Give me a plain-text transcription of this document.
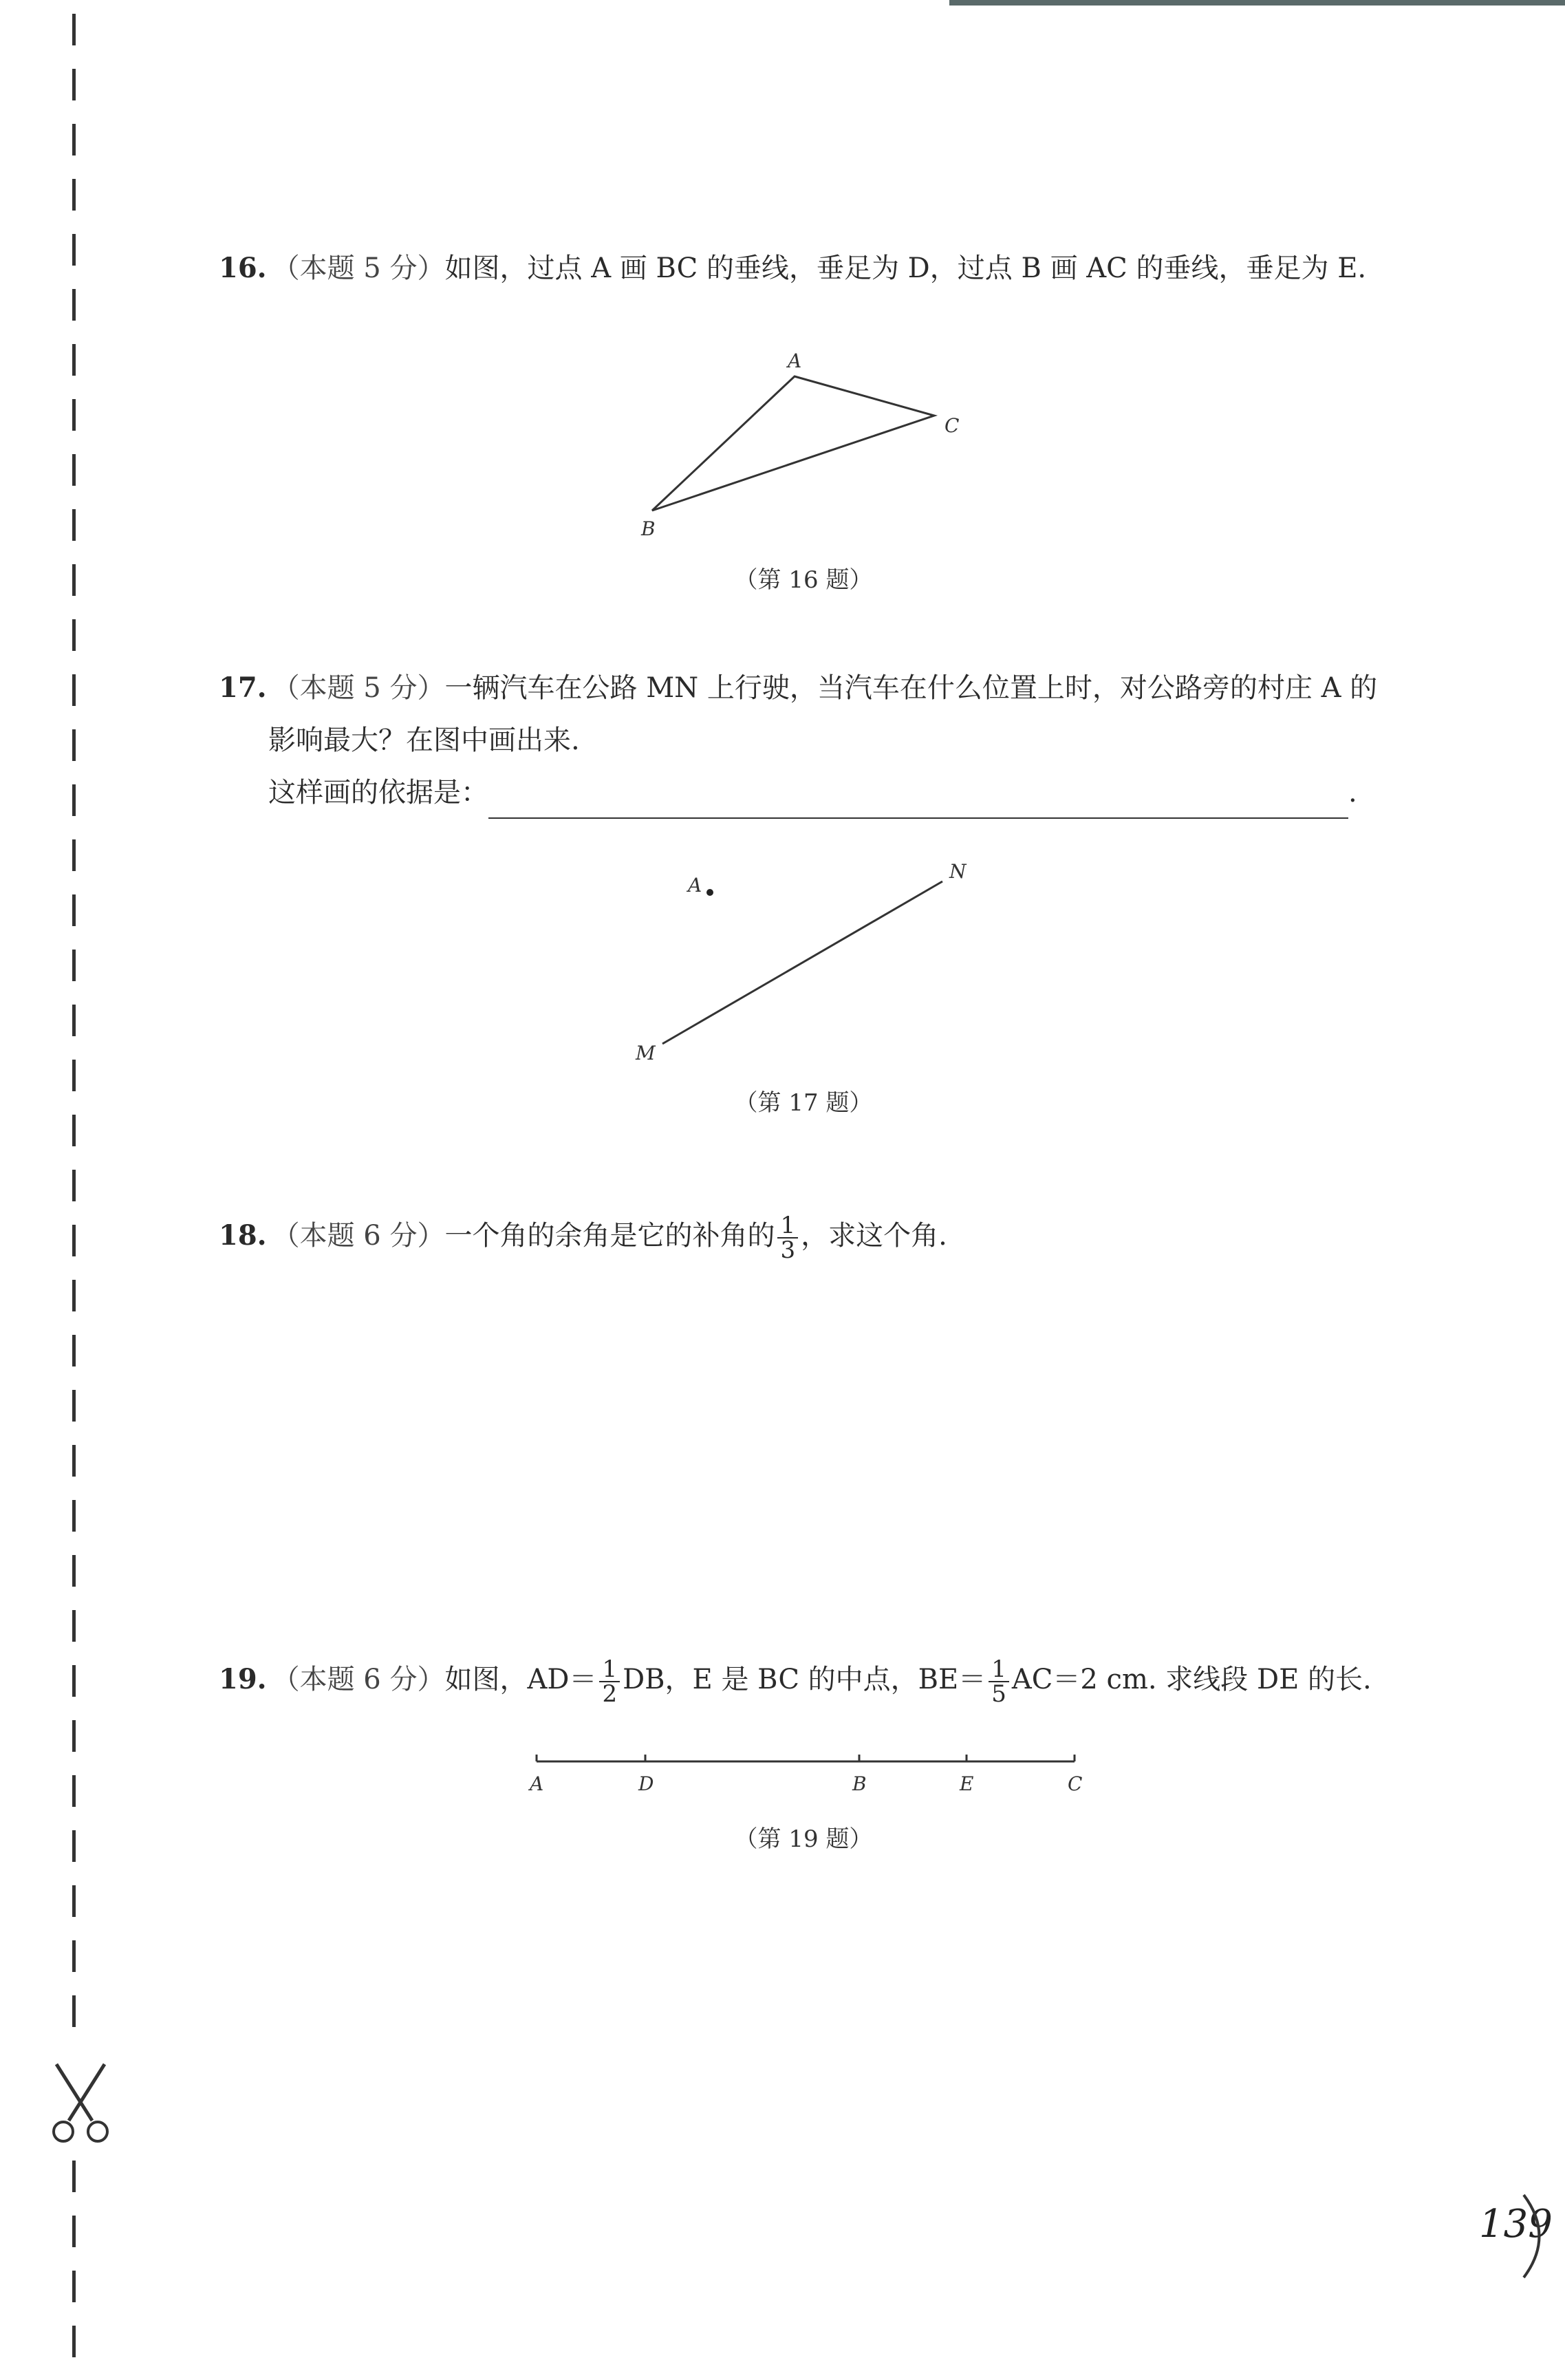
16. （本题 5 分）如图，过点 A 画 BC 的垂线，垂足为 D，过点 B 画 AC 的垂线，垂足为 E.
A
C
B
（第 16 题）
17. （本题 5 分）一辆汽车在公路 MN 上行驶，当汽车在什么位置上时，对公路旁的村庄 A 的
影响最大？在图中画出来.
这样画的依据是：	.
A
N
M
（第 17 题）
18. （本题 6 分）一个角的余角是它的补角的 $\frac{1}{3}$ ，求这个角.
19. （本题 6 分）如图，$AD= \frac{1}{2}$ DB，E 是 BC 的中点，$BE= \frac{1}{5} AC=2$ cm. 求线段 DE 的长.
A	D	B	E	C
（第 19 题）
139
